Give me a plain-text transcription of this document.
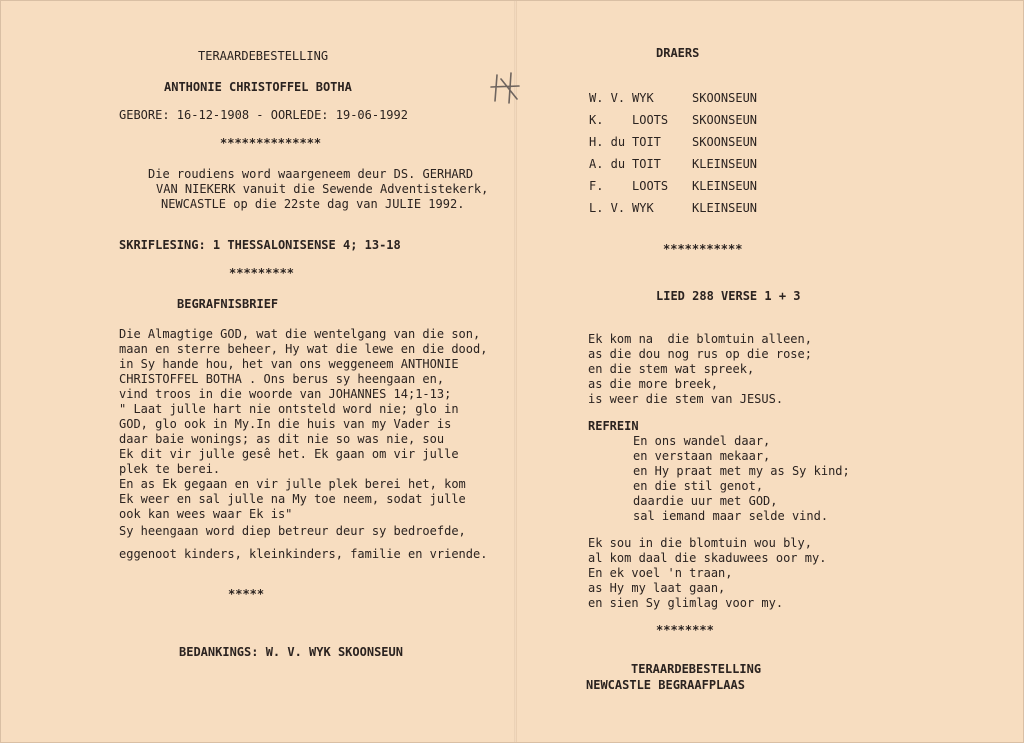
TERAARDEBESTELLING
ANTHONIE CHRISTOFFEL BOTHA
GEBORE: 16-12-1908 - OORLEDE: 19-06-1992
**************
Die roudiens word waargeneem deur DS. GERHARD
VAN NIEKERK vanuit die Sewende Adventistekerk,
NEWCASTLE op die 22ste dag van JULIE 1992.
SKRIFLESING: 1 THESSALONISENSE 4; 13-18
*********
BEGRAFNISBRIEF
Die Almagtige GOD, wat die wentelgang van die son,
maan en sterre beheer, Hy wat die lewe en die dood,
in Sy hande hou, het van ons weggeneem ANTHONIE
CHRISTOFFEL BOTHA . Ons berus sy heengaan en,
vind troos in die woorde van JOHANNES 14;1-13;
" Laat julle hart nie ontsteld word nie; glo in
GOD, glo ook in My.In die huis van my Vader is
daar baie wonings; as dit nie so was nie, sou
Ek dit vir julle gesê het. Ek gaan om vir julle
plek te berei.
En as Ek gegaan en vir julle plek berei het, kom
Ek weer en sal julle na My toe neem, sodat julle
ook kan wees waar Ek is"
Sy heengaan word diep betreur deur sy bedroefde,
eggenoot kinders, kleinkinders, familie en vriende.
*****
BEDANKINGS: W. V. WYK SKOONSEUN
DRAERS
W. V. WYK	SKOONSEUN
K. LOOTS SKOONSEUN
H. du TOIT	SKOONSEUN
A. du TOIT	KLEINSEUN
F. LOOTS KLEINSEUN
L. V. WYK	KLEINSEUN
***********
LIED 288 VERSE 1 + 3
Ek kom na  die blomtuin alleen,
as die dou nog rus op die rose;
en die stem wat spreek,
as die more breek,
is weer die stem van JESUS.
REFREIN
En ons wandel daar,
en verstaan mekaar,
en Hy praat met my as Sy kind;
en die stil genot,
daardie uur met GOD,
sal iemand maar selde vind.
Ek sou in die blomtuin wou bly,
al kom daal die skaduwees oor my.
En ek voel 'n traan,
as Hy my laat gaan,
en sien Sy glimlag voor my.
********
TERAARDEBESTELLING
NEWCASTLE BEGRAAFPLAAS
